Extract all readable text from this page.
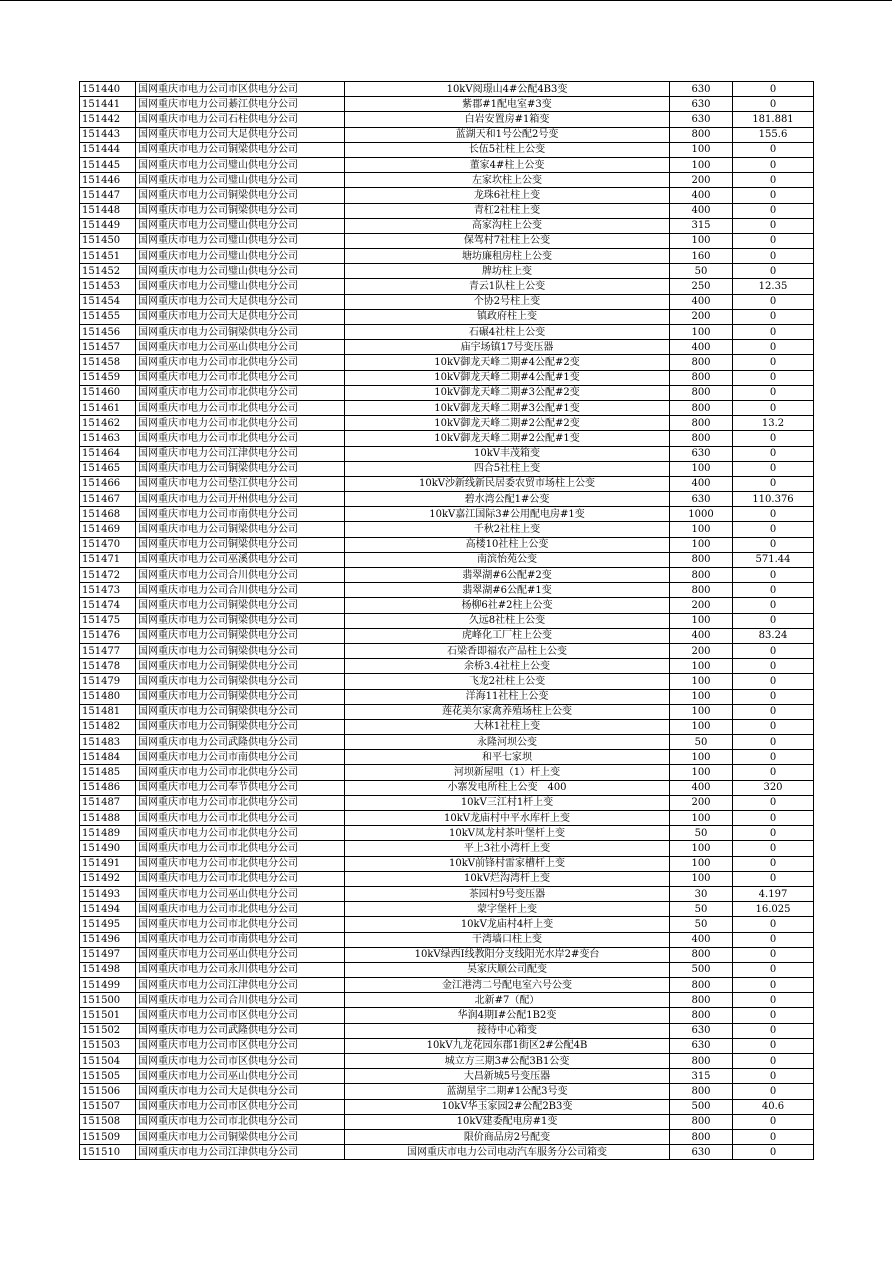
151440	国网重庆市电力公司市区供电分公司	10kV阅璟山4#公配4B3变	630	0
151441	国网重庆市电力公司綦江供电分公司	紫郡#1配电室#3变	630	0
151442	国网重庆市电力公司石柱供电分公司	白岩安置房#1箱变	630	181.881
151443	国网重庆市电力公司大足供电分公司	蓝湖天和1号公配2号变	800	155.6
151444	国网重庆市电力公司铜梁供电分公司	长伍5社柱上公变	100	0
151445	国网重庆市电力公司璧山供电分公司	董家4#柱上公变	100	0
151446	国网重庆市电力公司璧山供电分公司	左家坎柱上公变	200	0
151447	国网重庆市电力公司铜梁供电分公司	龙珠6社柱上变	400	0
151448	国网重庆市电力公司铜梁供电分公司	青杠2社柱上变	400	0
151449	国网重庆市电力公司璧山供电分公司	高家沟柱上公变	315	0
151450	国网重庆市电力公司璧山供电分公司	保驾村7社柱上公变	100	0
151451	国网重庆市电力公司璧山供电分公司	塘坊廉租房柱上公变	160	0
151452	国网重庆市电力公司璧山供电分公司	牌坊柱上变	50	0
151453	国网重庆市电力公司璧山供电分公司	青云1队柱上公变	250	12.35
151454	国网重庆市电力公司大足供电分公司	个协2号柱上变	400	0
151455	国网重庆市电力公司大足供电分公司	镇政府柱上变	200	0
151456	国网重庆市电力公司铜梁供电分公司	石碾4社柱上公变	100	0
151457	国网重庆市电力公司巫山供电分公司	庙宇场镇17号变压器	400	0
151458	国网重庆市电力公司市北供电分公司	10kV御龙天峰二期#4公配#2变	800	0
151459	国网重庆市电力公司市北供电分公司	10kV御龙天峰二期#4公配#1变	800	0
151460	国网重庆市电力公司市北供电分公司	10kV御龙天峰二期#3公配#2变	800	0
151461	国网重庆市电力公司市北供电分公司	10kV御龙天峰二期#3公配#1变	800	0
151462	国网重庆市电力公司市北供电分公司	10kV御龙天峰二期#2公配#2变	800	13.2
151463	国网重庆市电力公司市北供电分公司	10kV御龙天峰二期#2公配#1变	800	0
151464	国网重庆市电力公司江津供电分公司	10kV丰茂箱变	630	0
151465	国网重庆市电力公司铜梁供电分公司	四合5社柱上变	100	0
151466	国网重庆市电力公司垫江供电分公司	10kV沙新线新民居委农贸市场柱上公变	400	0
151467	国网重庆市电力公司开州供电分公司	碧水湾公配1#公变	630	110.376
151468	国网重庆市电力公司市南供电分公司	10kV嘉江国际3#公用配电房#1变	1000	0
151469	国网重庆市电力公司铜梁供电分公司	千秋2社柱上变	100	0
151470	国网重庆市电力公司铜梁供电分公司	高楼10社柱上公变	100	0
151471	国网重庆市电力公司巫溪供电分公司	南滨怡苑公变	800	571.44
151472	国网重庆市电力公司合川供电分公司	翡翠湖#6公配#2变	800	0
151473	国网重庆市电力公司合川供电分公司	翡翠湖#6公配#1变	800	0
151474	国网重庆市电力公司铜梁供电分公司	杨柳6社#2柱上公变	200	0
151475	国网重庆市电力公司铜梁供电分公司	久远8社柱上公变	100	0
151476	国网重庆市电力公司铜梁供电分公司	虎峰化工厂柱上公变	400	83.24
151477	国网重庆市电力公司铜梁供电分公司	石梁香即福农产品柱上公变	200	0
151478	国网重庆市电力公司铜梁供电分公司	余桥3.4社柱上公变	100	0
151479	国网重庆市电力公司铜梁供电分公司	飞龙2社柱上公变	100	0
151480	国网重庆市电力公司铜梁供电分公司	洋海11社柱上公变	100	0
151481	国网重庆市电力公司铜梁供电分公司	莲花美尔家禽养殖场柱上公变	100	0
151482	国网重庆市电力公司铜梁供电分公司	大林1社柱上变	100	0
151483	国网重庆市电力公司武隆供电分公司	永隆河坝公变	50	0
151484	国网重庆市电力公司市南供电分公司	和平七家坝	100	0
151485	国网重庆市电力公司市北供电分公司	河坝新屋咀（1）杆上变	100	0
151486	国网重庆市电力公司奉节供电分公司	小寨发电所柱上公变　400	400	320
151487	国网重庆市电力公司市北供电分公司	10kV三江村1杆上变	200	0
151488	国网重庆市电力公司市北供电分公司	10kV龙庙村中平水库杆上变	100	0
151489	国网重庆市电力公司市北供电分公司	10kV凤龙村茶叶堡杆上变	50	0
151490	国网重庆市电力公司市北供电分公司	平上3社小湾杆上变	100	0
151491	国网重庆市电力公司市北供电分公司	10kV前锋村雷家槽杆上变	100	0
151492	国网重庆市电力公司市北供电分公司	10kV烂沟湾杆上变	100	0
151493	国网重庆市电力公司巫山供电分公司	茶园村9号变压器	30	4.197
151494	国网重庆市电力公司市北供电分公司	蒙字堡杆上变	50	16.025
151495	国网重庆市电力公司市北供电分公司	10kV龙庙村4杆上变	50	0
151496	国网重庆市电力公司市南供电分公司	干湾墙口柱上变	400	0
151497	国网重庆市电力公司巫山供电分公司	10kV绿西Ⅰ线教阳分支线阳光水岸2#变台	800	0
151498	国网重庆市电力公司永川供电分公司	昊家庆顺公司配变	500	0
151499	国网重庆市电力公司江津供电分公司	金江港湾二号配电室六号公变	800	0
151500	国网重庆市电力公司合川供电分公司	北新#7（配）	800	0
151501	国网重庆市电力公司市区供电分公司	华润4期I#公配1B2变	800	0
151502	国网重庆市电力公司武隆供电分公司	接待中心箱变	630	0
151503	国网重庆市电力公司市区供电分公司	10kV九龙花园东郡1街区2#公配4B	630	0
151504	国网重庆市电力公司市区供电分公司	城立方三期3#公配3B1公变	800	0
151505	国网重庆市电力公司巫山供电分公司	大昌新城5号变压器	315	0
151506	国网重庆市电力公司大足供电分公司	蓝湖星宇二期#1公配3号变	800	0
151507	国网重庆市电力公司市区供电分公司	10kV华玉家园2#公配2B3变	500	40.6
151508	国网重庆市电力公司市北供电分公司	10kV建委配电房#1变	800	0
151509	国网重庆市电力公司铜梁供电分公司	限价商品房2号配变	800	0
151510	国网重庆市电力公司江津供电分公司	国网重庆市电力公司电动汽车服务分公司箱变	630	0
